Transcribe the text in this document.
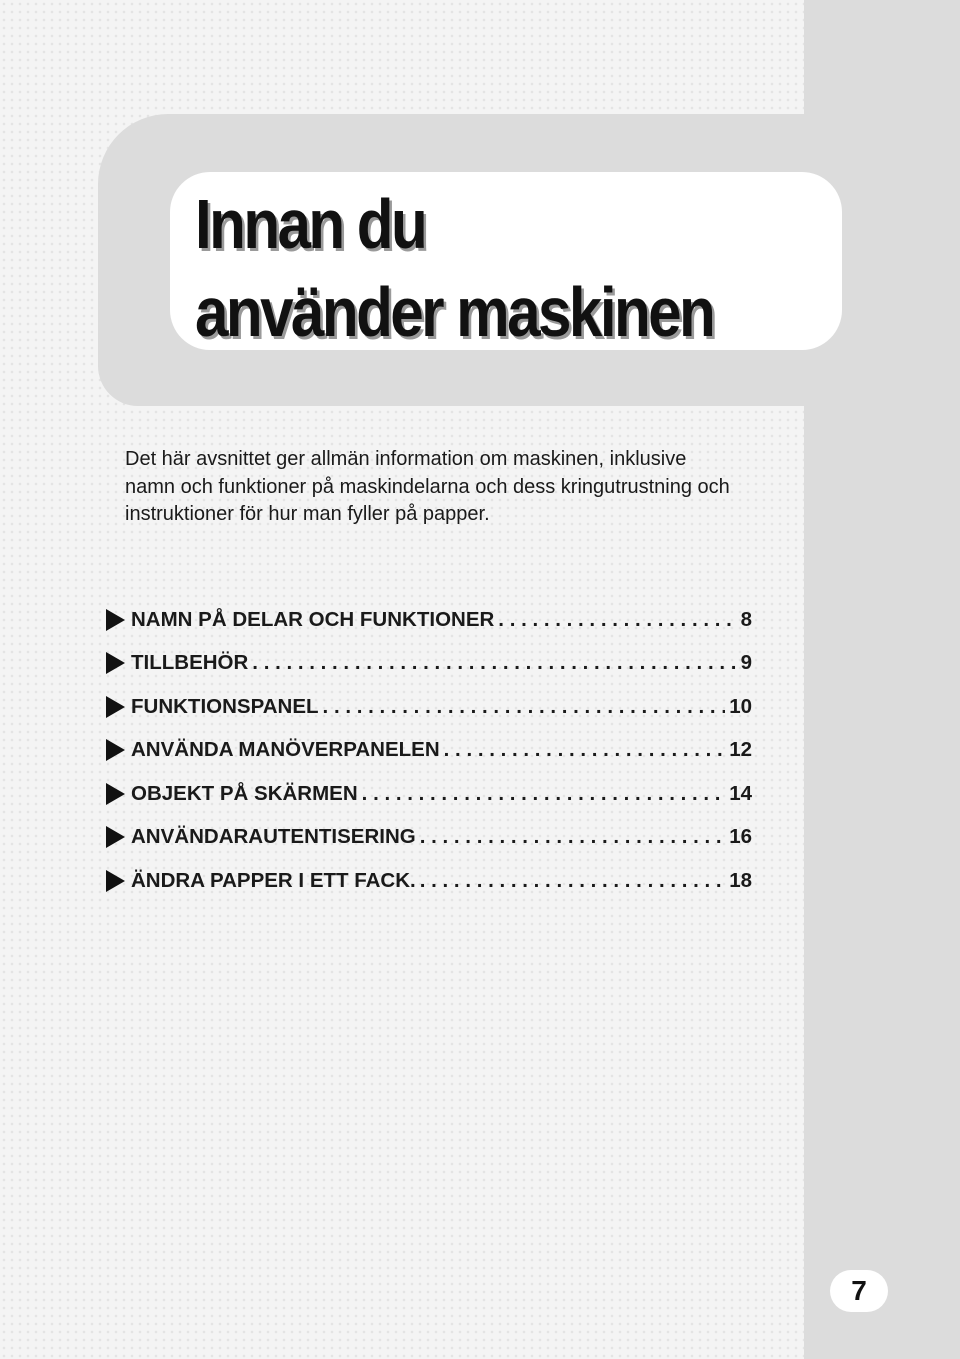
Innan du
använder maskinen

Det här avsnittet ger allmän information om maskinen, inklusive namn och funktioner på maskindelarna och dess kringutrustning och instruktioner för hur man fyller på papper.

NAMN PÅ DELAR OCH FUNKTIONER . . .	8
TILLBEHÖR . . .	9
FUNKTIONSPANEL . . .	10
ANVÄNDA MANÖVERPANELEN . . .	12
OBJEKT PÅ SKÄRMEN . . .	14
ANVÄNDARAUTENTISERING . . .	16
ÄNDRA PAPPER I ETT FACK. . . .	18
7
